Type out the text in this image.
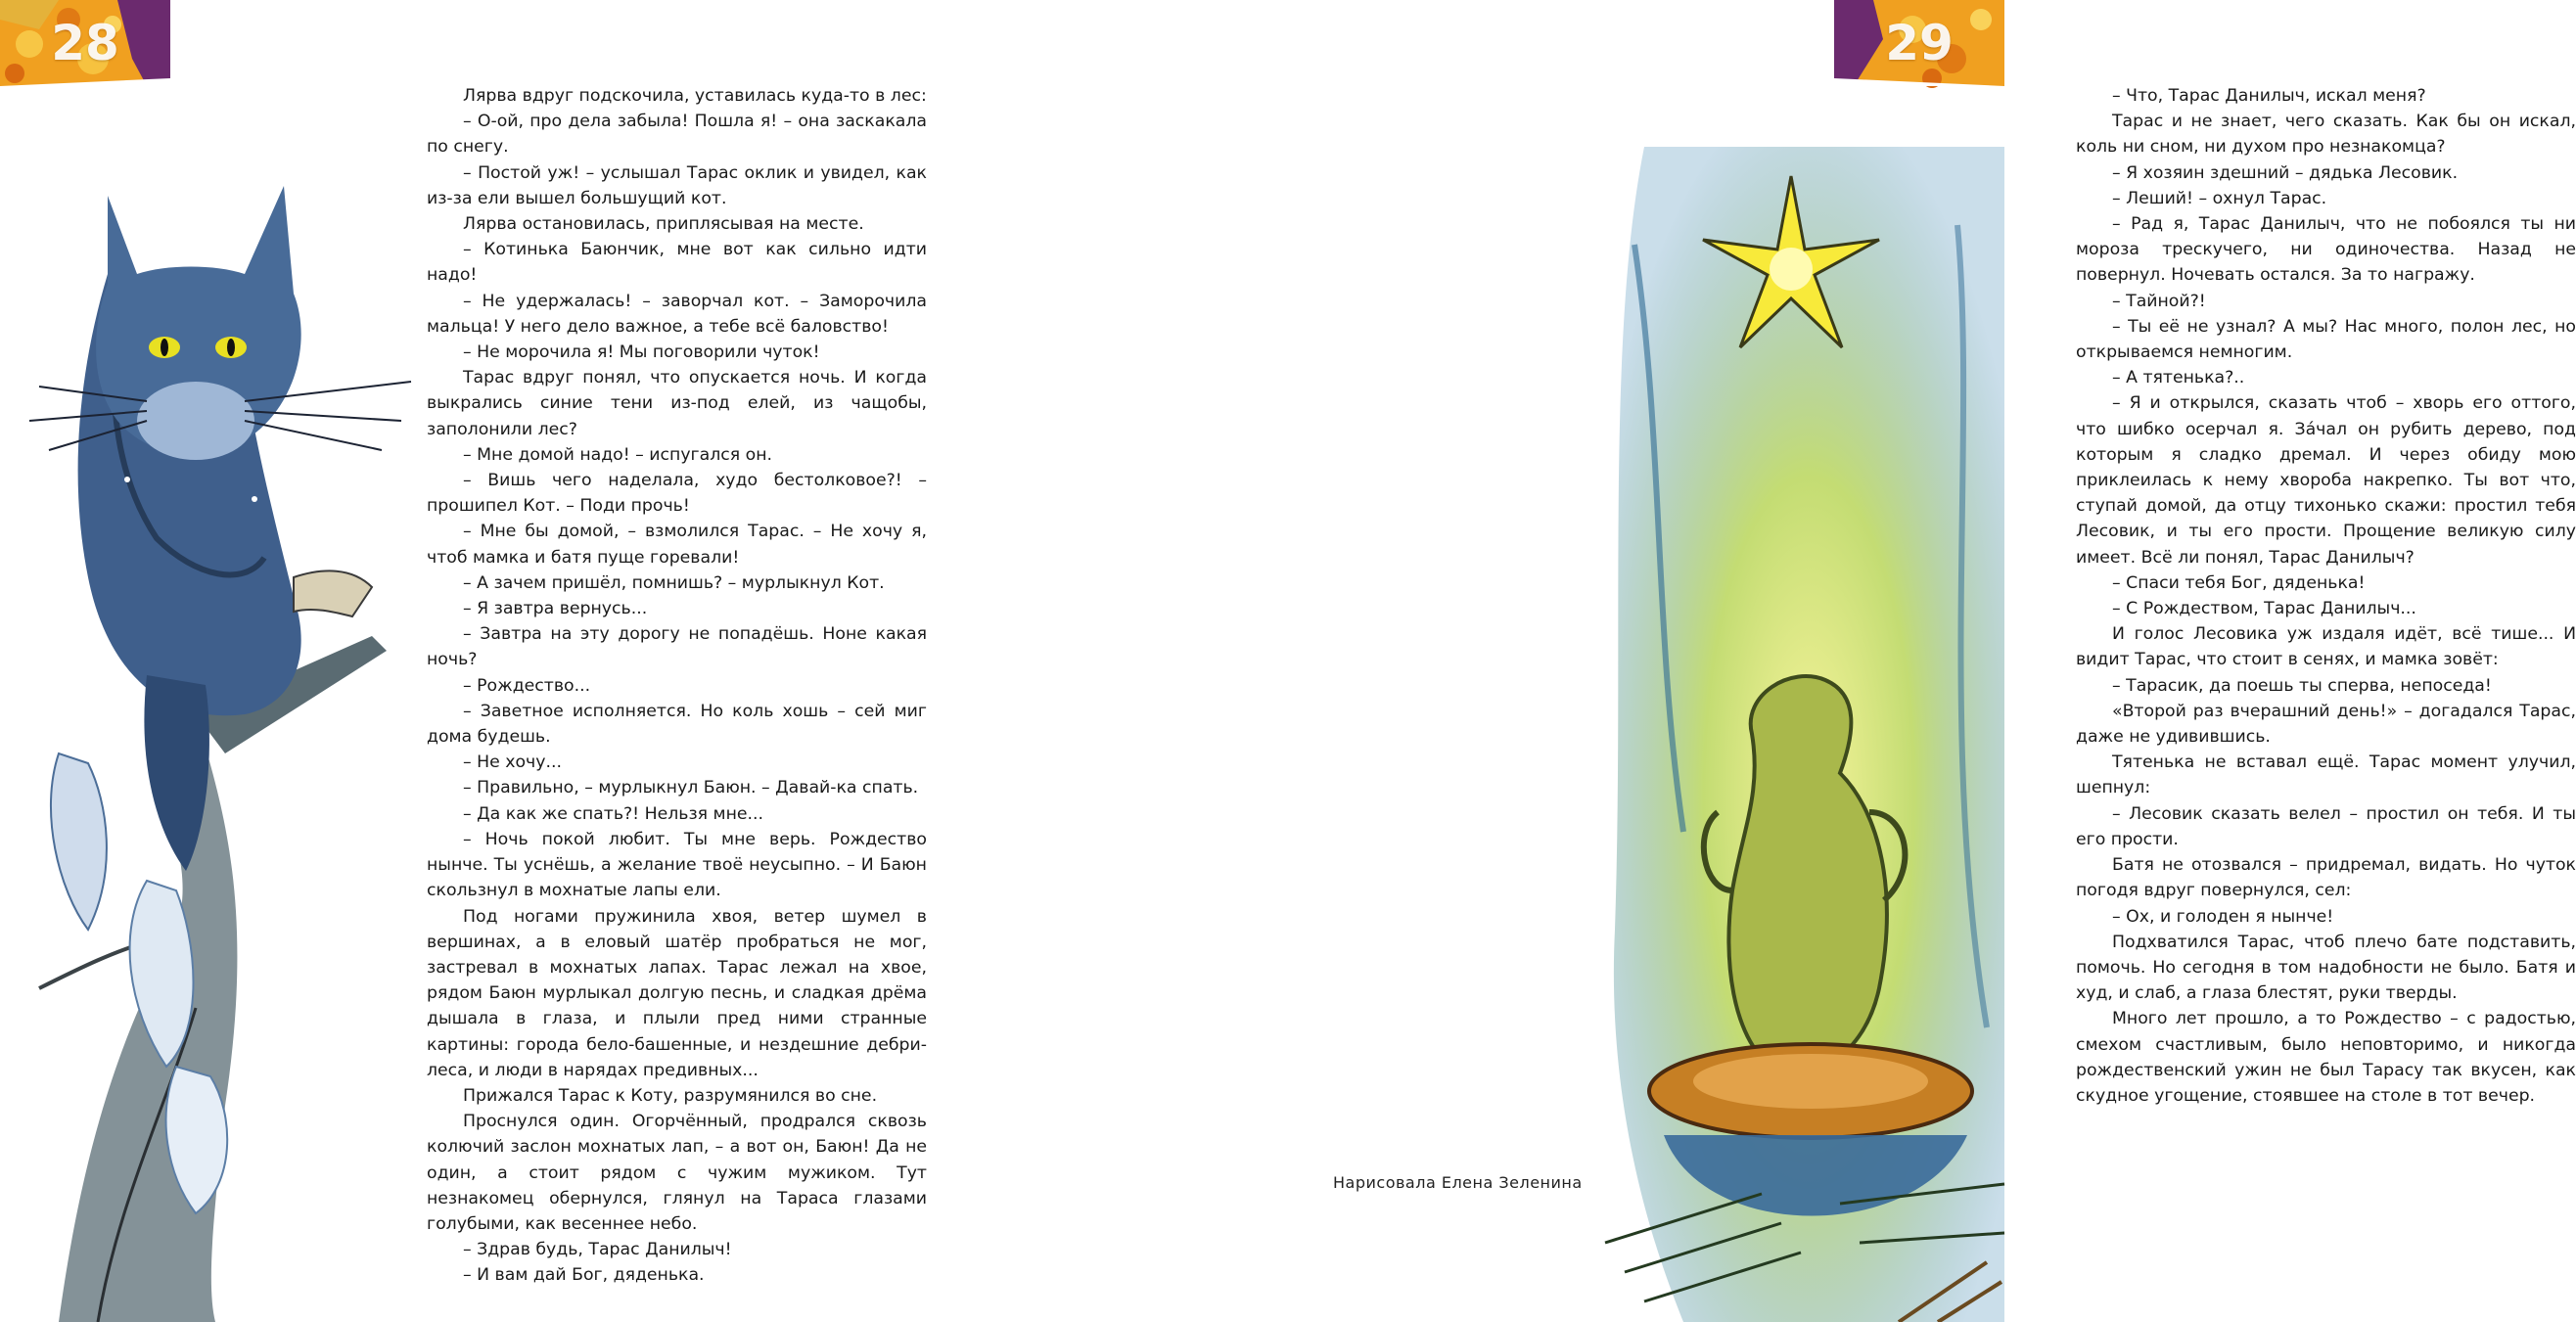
28

Лярва вдруг подскочила, уставилась куда-то в лес:

– О-ой, про дела забыла! Пошла я! – она заскакала по снегу.

– Постой уж! – услышал Тарас оклик и увидел, как из-за ели вышел большущий кот.

Лярва остановилась, приплясывая на месте.

– Котинька Баюнчик, мне вот как сильно идти надо!

– Не удержалась! – заворчал кот. – Заморочила мальца! У него дело важное, а тебе всё баловство!

– Не морочила я! Мы поговорили чуток!

Тарас вдруг понял, что опускается ночь. И когда выкрались синие тени из-под елей, из чащобы, заполонили лес?

– Мне домой надо! – испугался он.

– Вишь чего наделала, худо бестолковое?! – прошипел Кот. – Поди прочь!

– Мне бы домой, – взмолился Тарас. – Не хочу я, чтоб мамка и батя пуще горевали!

– А зачем пришёл, помнишь? – мурлыкнул Кот.

– Я завтра вернусь...

– Завтра на эту дорогу не попадёшь. Ноне какая ночь?

– Рождество...

– Заветное исполняется. Но коль хошь – сей миг дома будешь.

– Не хочу...

– Правильно, – мурлыкнул Баюн. – Давай-ка спать.

– Да как же спать?! Нельзя мне...

– Ночь покой любит. Ты мне верь. Рождество нынче. Ты уснёшь, а желание твоё неусыпно. – И Баюн скользнул в мохнатые лапы ели.

Под ногами пружинила хвоя, ветер шумел в вершинах, а в еловый шатёр пробраться не мог, застревал в мохнатых лапах. Тарас лежал на хвое, рядом Баюн мурлыкал долгую песнь, и сладкая дрёма дышала в глаза, и плыли пред ними странные картины: города бело-башенные, и нездешние дебри-леса, и люди в нарядах предивных...

Прижался Тарас к Коту, разрумянился во сне.

Проснулся один. Огорчённый, продрался сквозь колючий заслон мохнатых лап, – а вот он, Баюн! Да не один, а стоит рядом с чужим мужиком. Тут незнакомец обернулся, глянул на Тараса глазами голубыми, как весеннее небо.

– Здрав будь, Тарас Данилыч!

– И вам дай Бог, дяденька.

29

– Что, Тарас Данилыч, искал меня?

Тарас и не знает, чего сказать. Как бы он искал, коль ни сном, ни духом про незнакомца?

– Я хозяин здешний – дядька Лесовик.

– Леший! – охнул Тарас.

– Рад я, Тарас Данилыч, что не побоялся ты ни мороза трескучего, ни одиночества. Назад не повернул. Ночевать остался. За то награжу.

– Тайной?!

– Ты её не узнал? А мы? Нас много, полон лес, но открываемся немногим.

– А тятенька?..

– Я и открылся, сказать чтоб – хворь его оттого, что шибко осерчал я. Зáчал он рубить дерево, под которым я сладко дремал. И через обиду мою приклеилась к нему хвороба накрепко. Ты вот что, ступай домой, да отцу тихонько скажи: простил тебя Лесовик, и ты его прости. Прощение великую силу имеет. Всё ли понял, Тарас Данилыч?

– Спаси тебя Бог, дяденька!

– С Рождеством, Тарас Данилыч...

И голос Лесовика уж издаля идёт, всё тише... И видит Тарас, что стоит в сенях, и мамка зовёт:

– Тарасик, да поешь ты сперва, непоседа!

«Второй раз вчерашний день!» – догадался Тарас, даже не удивившись.

Тятенька не вставал ещё. Тарас момент улучил, шепнул:

– Лесовик сказать велел – простил он тебя. И ты его прости.

Батя не отозвался – придремал, видать. Но чуток погодя вдруг повернулся, сел:

– Ох, и голоден я нынче!

Подхватился Тарас, чтоб плечо бате подставить, помочь. Но сегодня в том надобности не было. Батя и худ, и слаб, а глаза блестят, руки тверды.

Много лет прошло, а то Рождество – с радостью, смехом счастливым, было неповторимо, и никогда рождественский ужин не был Тарасу так вкусен, как скудное угощение, стоявшее на столе в тот вечер.

Нарисовала Елена Зеленина
